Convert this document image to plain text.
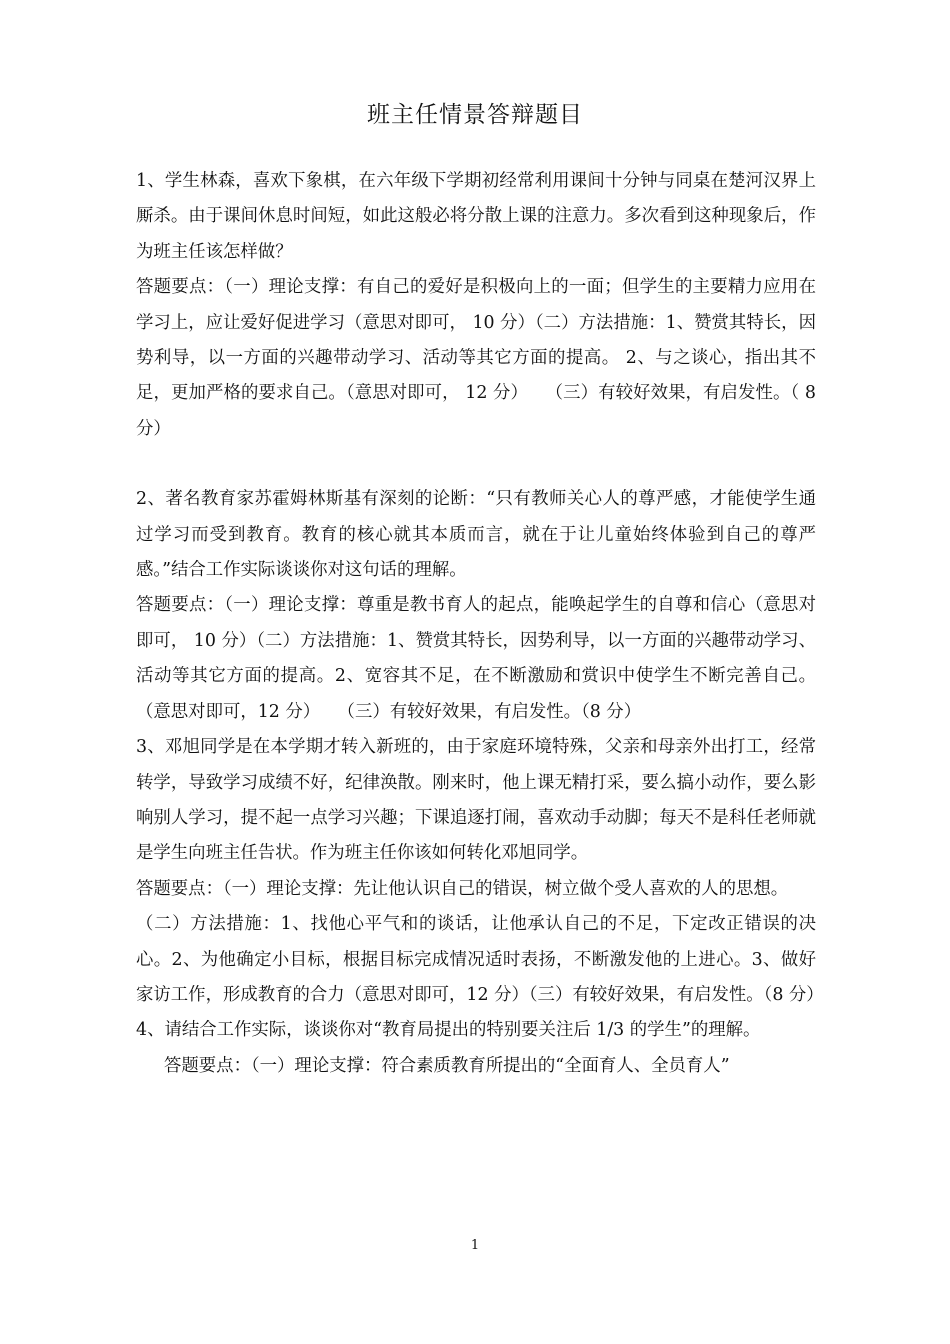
班主任情景答辩题目

1、学生林森，喜欢下象棋，在六年级下学期初经常利用课间十分钟与同桌在楚河汉界上厮杀。由于课间休息时间短，如此这般必将分散上课的注意力。多次看到这种现象后，作为班主任该怎样做？

答题要点：（一）理论支撑：有自己的爱好是积极向上的一面；但学生的主要精力应用在学习上，应让爱好促进学习（意思对即可， 10 分）（二）方法措施：1、赞赏其特长，因势利导，以一方面的兴趣带动学习、活动等其它方面的提高。 2、与之谈心，指出其不足，更加严格的要求自己。（意思对即可， 12 分）　　（三）有较好效果，有启发性。（ 8 分）

2、著名教育家苏霍姆林斯基有深刻的论断：“只有教师关心人的尊严感，才能使学生通过学习而受到教育。教育的核心就其本质而言，就在于让儿童始终体验到自己的尊严感。”结合工作实际谈谈你对这句话的理解。

答题要点：（一）理论支撑：尊重是教书育人的起点，能唤起学生的自尊和信心（意思对即可， 10 分）（二）方法措施：1、赞赏其特长，因势利导，以一方面的兴趣带动学习、活动等其它方面的提高。2、宽容其不足，在不断激励和赏识中使学生不断完善自己。（意思对即可，12 分）　　（三）有较好效果，有启发性。（8 分）

3、邓旭同学是在本学期才转入新班的，由于家庭环境特殊，父亲和母亲外出打工，经常转学，导致学习成绩不好，纪律涣散。刚来时，他上课无精打采，要么搞小动作，要么影响别人学习，提不起一点学习兴趣；下课追逐打闹，喜欢动手动脚；每天不是科任老师就是学生向班主任告状。作为班主任你该如何转化邓旭同学。

答题要点：（一）理论支撑：先让他认识自己的错误，树立做个受人喜欢的人的思想。

（二）方法措施：1、找他心平气和的谈话，让他承认自己的不足，下定改正错误的决心。2、为他确定小目标，根据目标完成情况适时表扬，不断激发他的上进心。3、做好家访工作，形成教育的合力（意思对即可，12 分）（三）有较好效果，有启发性。（8 分）

4、请结合工作实际，谈谈你对“教育局提出的特别要关注后 1/3 的学生”的理解。

答题要点：（一）理论支撑：符合素质教育所提出的“全面育人、全员育人”

1
